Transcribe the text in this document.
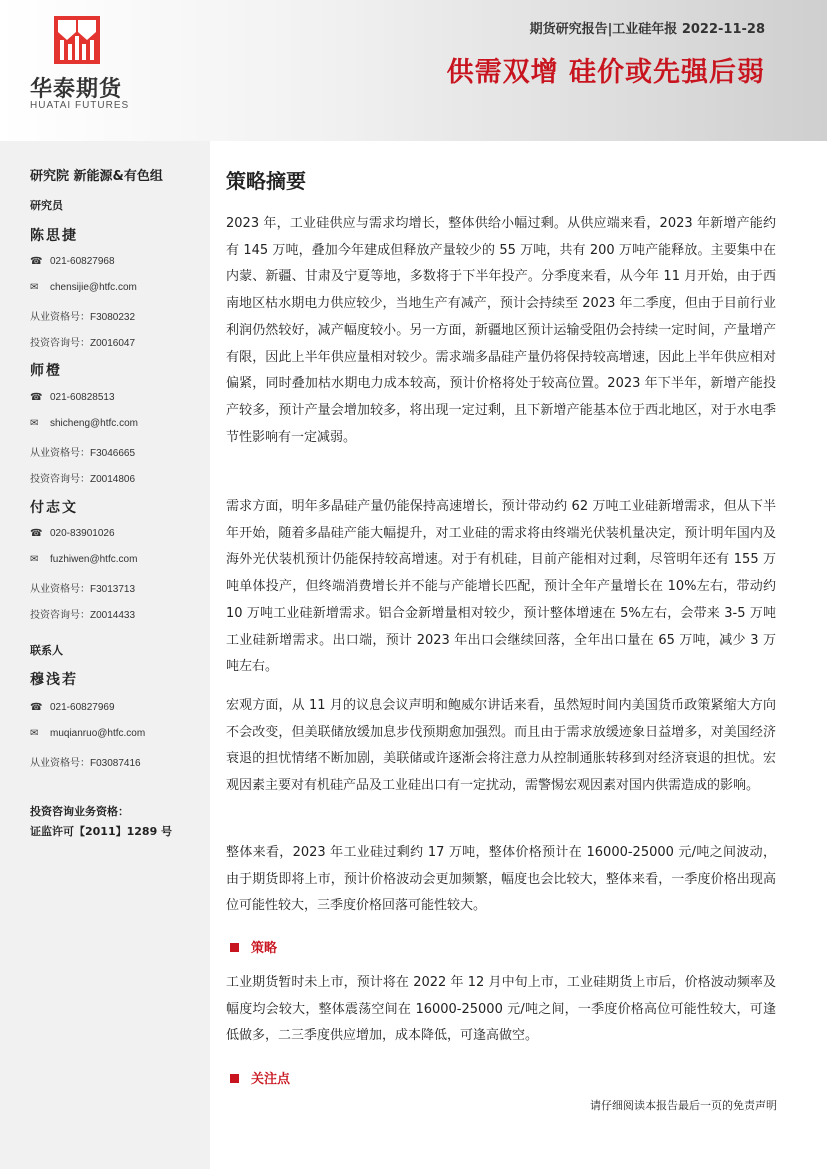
华泰期货
HUATAI FUTURES
期货研究报告|工业硅年报 2022-11-28
供需双增 硅价或先强后弱
研究院 新能源&有色组
研究员
陈思捷
☎ 021-60827968
✉ chensijie@htfc.com
从业资格号：F3080232
投资咨询号：Z0016047
师橙
☎ 021-60828513
✉ shicheng@htfc.com
从业资格号：F3046665
投资咨询号：Z0014806
付志文
☎ 020-83901026
✉ fuzhiwen@htfc.com
从业资格号：F3013713
投资咨询号：Z0014433
联系人
穆浅若
☎ 021-60827969
✉ muqianruo@htfc.com
从业资格号：F03087416
投资咨询业务资格：
证监许可【2011】1289 号
策略摘要

2023 年，工业硅供应与需求均增长，整体供给小幅过剩。从供应端来看，2023 年新增产能约有 145 万吨，叠加今年建成但释放产量较少的 55 万吨，共有 200 万吨产能释放。主要集中在内蒙、新疆、甘肃及宁夏等地，多数将于下半年投产。分季度来看，从今年 11 月开始，由于西南地区枯水期电力供应较少，当地生产有减产，预计会持续至 2023 年二季度，但由于目前行业利润仍然较好，减产幅度较小。另一方面，新疆地区预计运输受阻仍会持续一定时间，产量增产有限，因此上半年供应量相对较少。需求端多晶硅产量仍将保持较高增速，因此上半年供应相对偏紧，同时叠加枯水期电力成本较高，预计价格将处于较高位置。2023 年下半年，新增产能投产较多，预计产量会增加较多，将出现一定过剩，且下新增产能基本位于西北地区，对于水电季节性影响有一定减弱。

需求方面，明年多晶硅产量仍能保持高速增长，预计带动约 62 万吨工业硅新增需求，但从下半年开始，随着多晶硅产能大幅提升，对工业硅的需求将由终端光伏装机量决定，预计明年国内及海外光伏装机预计仍能保持较高增速。对于有机硅，目前产能相对过剩，尽管明年还有 155 万吨单体投产，但终端消费增长并不能与产能增长匹配，预计全年产量增长在 10%左右，带动约 10 万吨工业硅新增需求。铝合金新增量相对较少，预计整体增速在 5%左右，会带来 3-5 万吨工业硅新增需求。出口端，预计 2023 年出口会继续回落，全年出口量在 65 万吨，减少 3 万吨左右。

宏观方面，从 11 月的议息会议声明和鲍威尔讲话来看，虽然短时间内美国货币政策紧缩大方向不会改变，但美联储放缓加息步伐预期愈加强烈。而且由于需求放缓迹象日益增多，对美国经济衰退的担忧情绪不断加剧，美联储或许逐渐会将注意力从控制通胀转移到对经济衰退的担忧。宏观因素主要对有机硅产品及工业硅出口有一定扰动，需警惕宏观因素对国内供需造成的影响。

整体来看，2023 年工业硅过剩约 17 万吨，整体价格预计在 16000-25000 元/吨之间波动，由于期货即将上市，预计价格波动会更加频繁，幅度也会比较大，整体来看，一季度价格出现高位可能性较大，三季度价格回落可能性较大。

策略

工业期货暂时未上市，预计将在 2022 年 12 月中旬上市，工业硅期货上市后，价格波动频率及幅度均会较大，整体震荡空间在 16000-25000 元/吨之间，一季度价格高位可能性较大，可逢低做多，二三季度供应增加，成本降低，可逢高做空。

关注点
请仔细阅读本报告最后一页的免责声明
